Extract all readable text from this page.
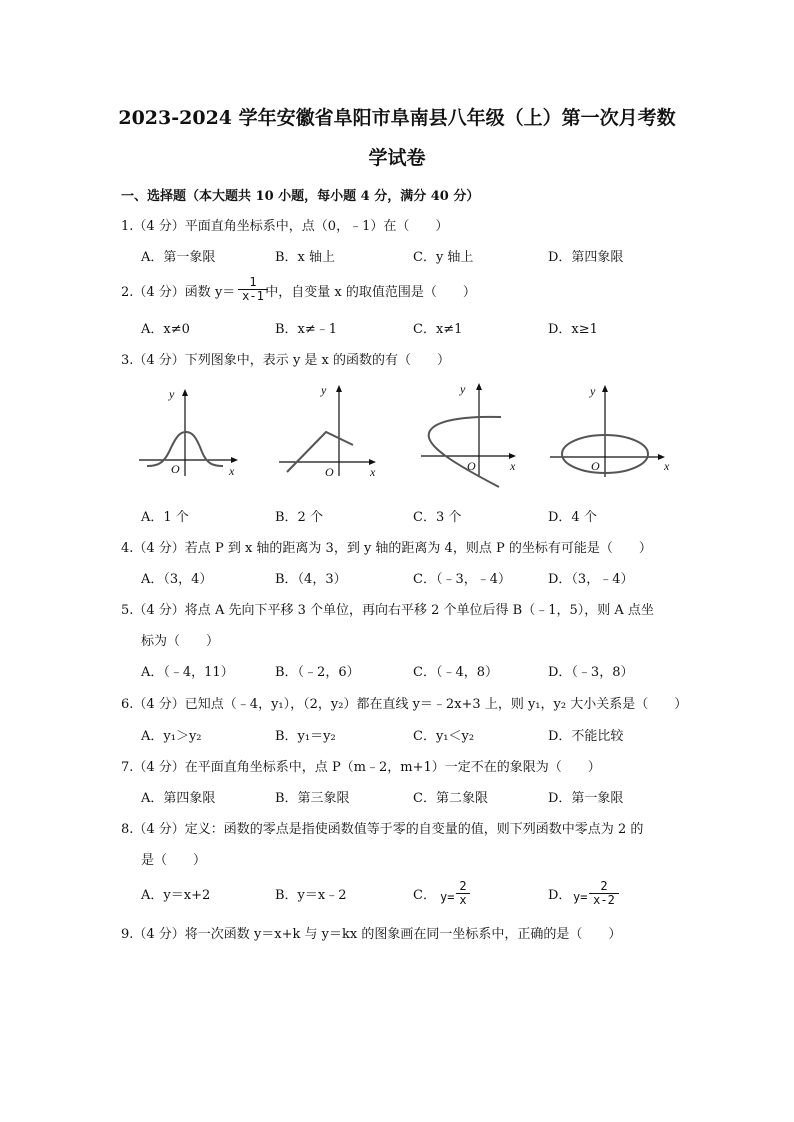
2023-2024 学年安徽省阜阳市阜南县八年级（上）第一次月考数
学试卷
一、选择题（本大题共 10 小题，每小题 4 分，满分 40 分）
1.（4 分）平面直角坐标系中，点（0，﹣1）在（　　）
A．第一象限	B．x 轴上	C．y 轴上	D．第四象限
2.（4 分）函数 y＝ 中，自变量 x 的取值范围是（　　）
$\frac{1}{x-1}$
A．x≠0	B．x≠﹣1	C．x≠1	D．x≥1
3.（4 分）下列图象中，表示 y 是 x 的函数的有（　　）
y
x
O
y
x
O
y
x
O
y
x
O
A．1 个	B．2 个	C．3 个	D．4 个
4.（4 分）若点 P 到 x 轴的距离为 3，到 y 轴的距离为 4，则点 P 的坐标有可能是（　　）
A．（3，4）	B．（4，3）	C．（﹣3，﹣4）	D．（3，﹣4）
5.（4 分）将点 A 先向下平移 3 个单位，再向右平移 2 个单位后得 B（﹣1，5），则 A 点坐
标为（　　）
A．（﹣4，11）	B．（﹣2，6）	C．（﹣4，8）	D．（﹣3，8）
6.（4 分）已知点（﹣4，y₁），（2，y₂）都在直线 y＝﹣2x+3 上，则 y₁，y₂ 大小关系是（　　）
A．y₁＞y₂	B．y₁＝y₂	C．y₁＜y₂	D．不能比较
7.（4 分）在平面直角坐标系中，点 P（m﹣2，m+1）一定不在的象限为（　　）
A．第四象限	B．第三象限	C．第二象限	D．第一象限
8.（4 分）定义：函数的零点是指使函数值等于零的自变量的值，则下列函数中零点为 2 的
是（　　）
A．y＝x+2	B．y＝x﹣2	C． $y= \frac{2}{x}$	D． $y= \frac{2}{x-2}$
9.（4 分）将一次函数 y＝x+k 与 y＝kx 的图象画在同一坐标系中，正确的是（　　）
